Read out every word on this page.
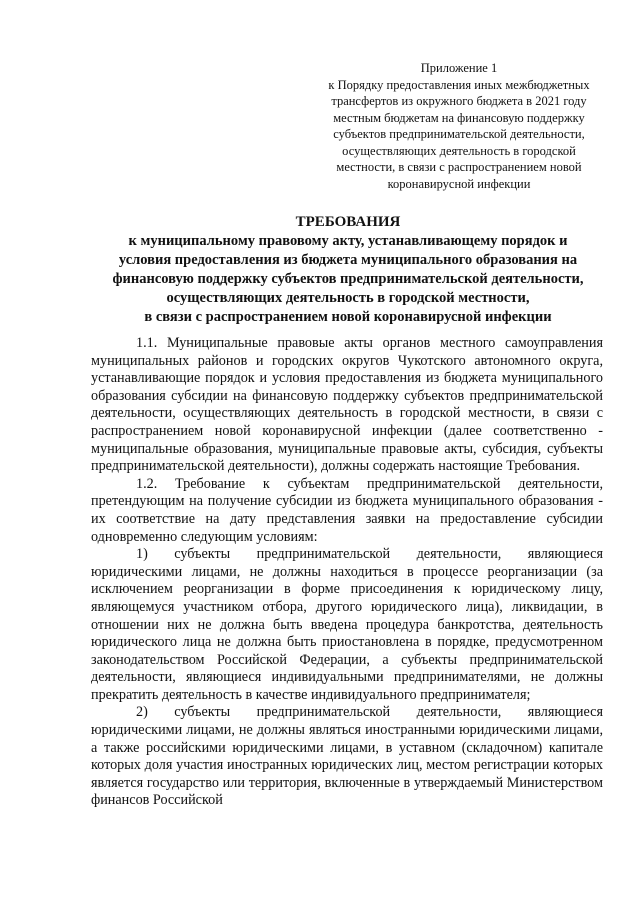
Приложение 1
к Порядку предоставления иных межбюджетных
трансфертов из окружного бюджета в 2021 году
местным бюджетам на финансовую поддержку
субъектов предпринимательской деятельности,
осуществляющих деятельность в городской
местности, в связи с распространением новой
коронавирусной инфекции
ТРЕБОВАНИЯ
к муниципальному правовому акту, устанавливающему порядок и
условия предоставления из бюджета муниципального образования на
финансовую поддержку субъектов предпринимательской деятельности,
осуществляющих деятельность в городской местности,
в связи с распространением новой коронавирусной инфекции

1.1. Муниципальные правовые акты органов местного самоуправления муниципальных районов и городских округов Чукотского автономного округа, устанавливающие порядок и условия предоставления из бюджета муниципального образования субсидии на финансовую поддержку субъектов предпринимательской деятельности, осуществляющих деятельность в городской местности, в связи с распространением новой коронавирусной инфекции (далее соответственно - муниципальные образования, муниципальные правовые акты, субсидия, субъекты предпринимательской деятельности), должны содержать настоящие Требования.

1.2. Требование к субъектам предпринимательской деятельности, претендующим на получение субсидии из бюджета муниципального образования - их соответствие на дату представления заявки на предоставление субсидии одновременно следующим условиям:

1) субъекты предпринимательской деятельности, являющиеся юридическими лицами, не должны находиться в процессе реорганизации (за исключением реорганизации в форме присоединения к юридическому лицу, являющемуся участником отбора, другого юридического лица), ликвидации, в отношении них не должна быть введена процедура банкротства, деятельность юридического лица не должна быть приостановлена в порядке, предусмотренном законодательством Российской Федерации, а субъекты предпринимательской деятельности, являющиеся индивидуальными предпринимателями, не должны прекратить деятельность в качестве индивидуального предпринимателя;

2) субъекты предпринимательской деятельности, являющиеся юридическими лицами, не должны являться иностранными юридическими лицами, а также российскими юридическими лицами, в уставном (складочном) капитале которых доля участия иностранных юридических лиц, местом регистрации которых является государство или территория, включенные в утверждаемый Министерством финансов Российской
